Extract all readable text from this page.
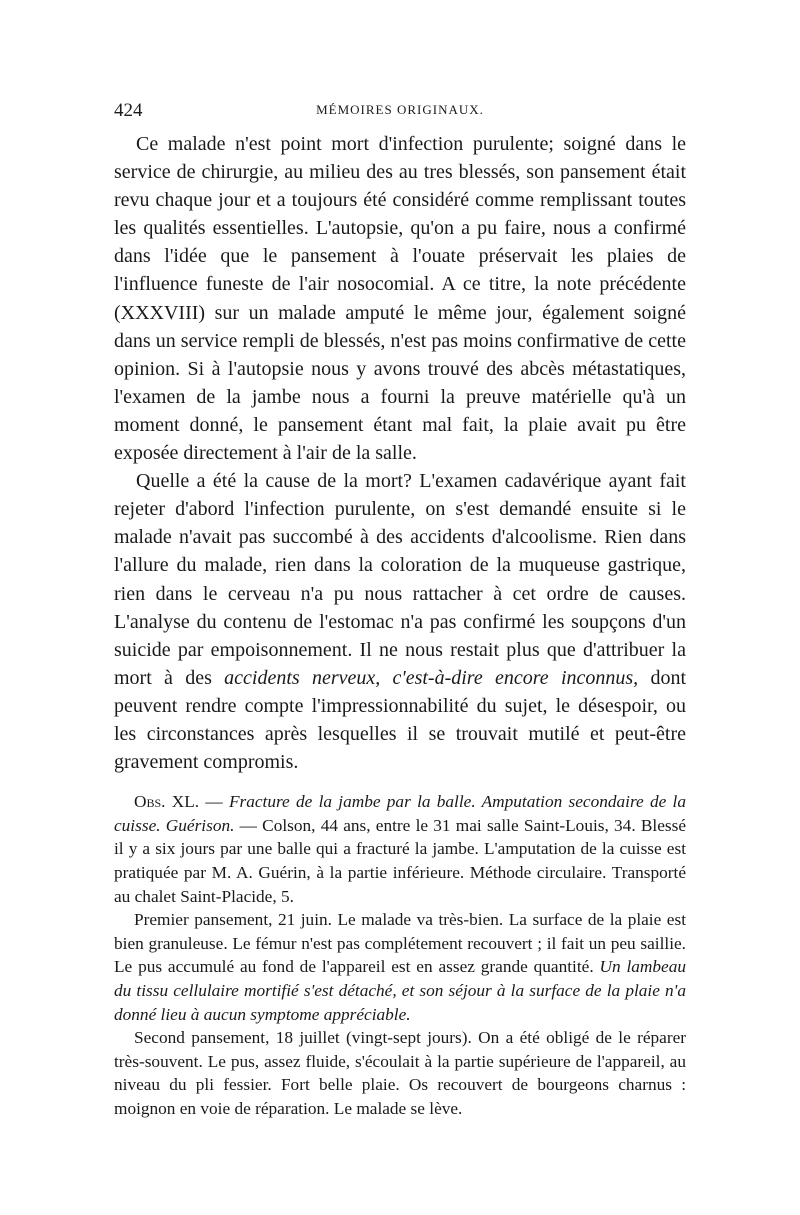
424	MÉMOIRES ORIGINAUX.

Ce malade n'est point mort d'infection purulente; soigné dans le service de chirurgie, au milieu des au tres blessés, son pansement était revu chaque jour et a toujours été considéré comme remplissant toutes les qualités essentielles. L'autopsie, qu'on a pu faire, nous a confirmé dans l'idée que le pansement à l'ouate préservait les plaies de l'influence funeste de l'air nosocomial. A ce titre, la note précédente (XXXVIII) sur un malade amputé le même jour, également soigné dans un service rempli de blessés, n'est pas moins confirmative de cette opinion. Si à l'autopsie nous y avons trouvé des abcès métastatiques, l'examen de la jambe nous a fourni la preuve matérielle qu'à un moment donné, le pansement étant mal fait, la plaie avait pu être exposée directement à l'air de la salle.

Quelle a été la cause de la mort? L'examen cadavérique ayant fait rejeter d'abord l'infection purulente, on s'est demandé ensuite si le malade n'avait pas succombé à des accidents d'alcoolisme. Rien dans l'allure du malade, rien dans la coloration de la muqueuse gastrique, rien dans le cerveau n'a pu nous rattacher à cet ordre de causes. L'analyse du contenu de l'estomac n'a pas confirmé les soupçons d'un suicide par empoisonnement. Il ne nous restait plus que d'attribuer la mort à des accidents nerveux, c'est-à-dire encore inconnus, dont peuvent rendre compte l'impressionnabilité du sujet, le désespoir, ou les circonstances après lesquelles il se trouvait mutilé et peut-être gravement compromis.

Obs. XL. — Fracture de la jambe par la balle. Amputation secondaire de la cuisse. Guérison. — Colson, 44 ans, entre le 31 mai salle Saint-Louis, 34. Blessé il y a six jours par une balle qui a fracturé la jambe. L'amputation de la cuisse est pratiquée par M. A. Guérin, à la partie inférieure. Méthode circulaire. Transporté au chalet Saint-Placide, 5.

Premier pansement, 21 juin. Le malade va très-bien. La surface de la plaie est bien granuleuse. Le fémur n'est pas complétement recouvert ; il fait un peu saillie. Le pus accumulé au fond de l'appareil est en assez grande quantité. Un lambeau du tissu cellulaire mortifié s'est détaché, et son séjour à la surface de la plaie n'a donné lieu à aucun symptome appréciable.

Second pansement, 18 juillet (vingt-sept jours). On a été obligé de le réparer très-souvent. Le pus, assez fluide, s'écoulait à la partie supérieure de l'appareil, au niveau du pli fessier. Fort belle plaie. Os recouvert de bourgeons charnus : moignon en voie de réparation. Le malade se lève.
